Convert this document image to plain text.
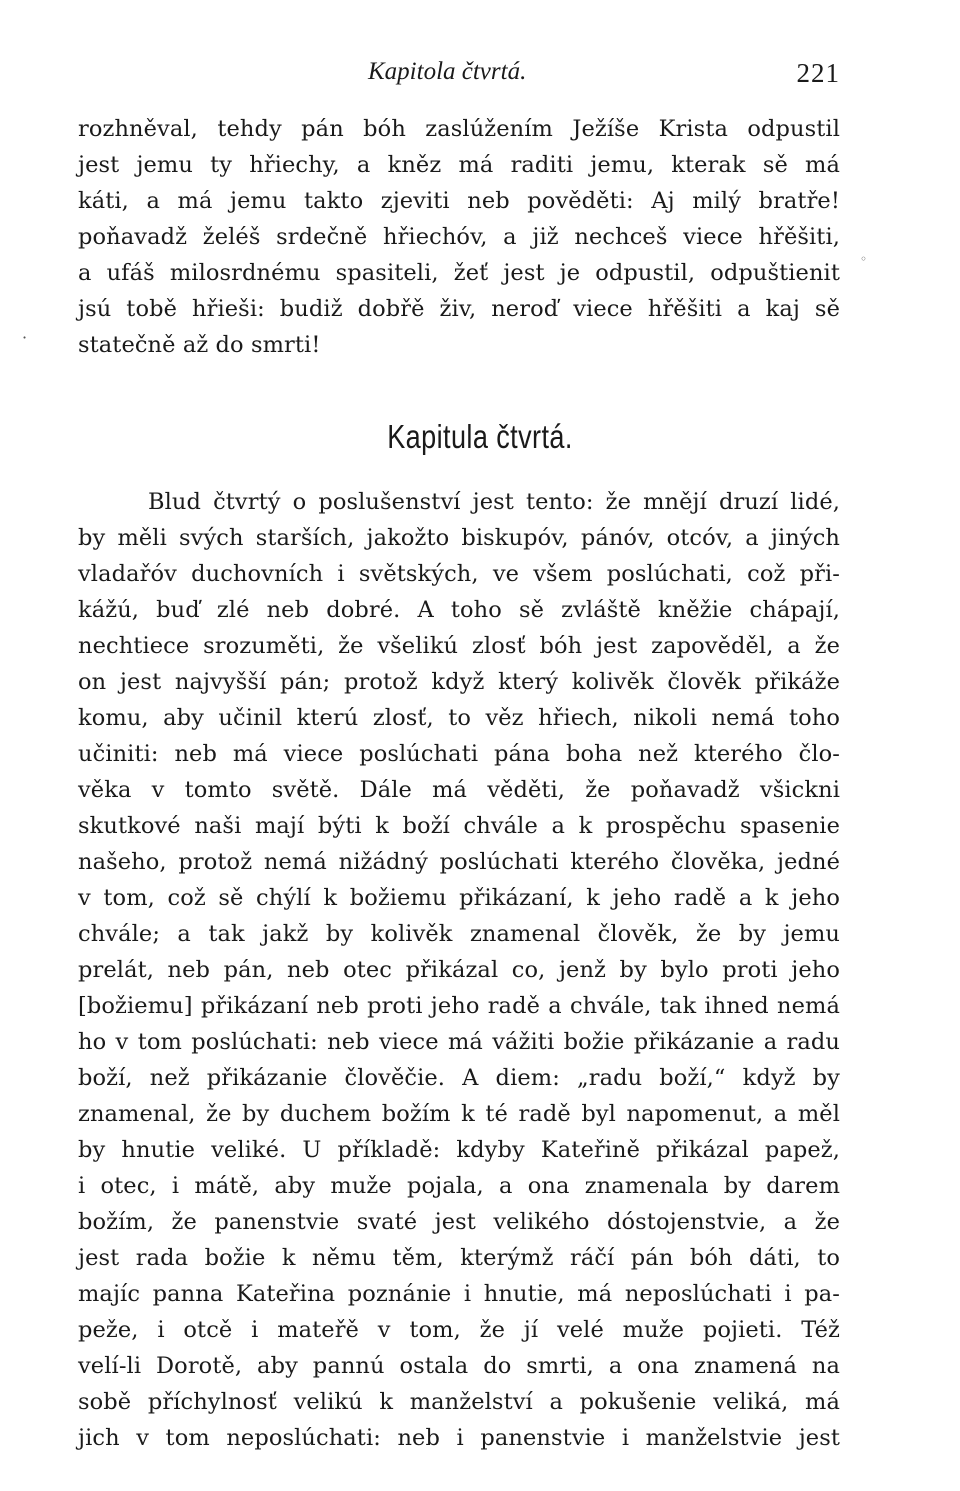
Kapitola čtvrtá.	221
rozhněval, tehdy pán bóh zaslúžením Ježíše Krista odpustil
jest jemu ty hřiechy, a kněz má raditi jemu, kterak sě má
káti, a má jemu takto zjeviti neb pověděti: Aj milý bratře!
poňavadž želéš srdečně hřiechóv, a již nechceš viece hřěšiti,
a ufáš milosrdnému spasiteli, žeť jest je odpustil, odpuštienit
jsú tobě hřieši: budiž dobřě živ, neroď viece hřěšiti a kaj sě
statečně až do smrti!
◦
·
Kapitula čtvrtá.
Blud čtvrtý o poslušenství jest tento: že mnějí druzí lidé,
by měli svých starších, jakožto biskupóv, pánóv, otcóv, a jiných
vladařóv duchovních i světských, ve všem poslúchati, což při-
kážú, buď zlé neb dobré. A toho sě zvláště kněžie chápají,
nechtiece srozuměti, že všelikú zlosť bóh jest zapověděl, a že
on jest najvyšší pán; protož když který kolivěk člověk přikáže
komu, aby učinil kterú zlosť, to věz hřiech, nikoli nemá toho
učiniti: neb má viece poslúchati pána boha než kterého člo-
věka v tomto světě. Dále má věděti, že poňavadž všickni
skutkové naši mají býti k boží chvále a k prospěchu spasenie
našeho, protož nemá nižádný poslúchati kterého člověka, jedné
v tom, což sě chýlí k božiemu přikázaní, k jeho radě a k jeho
chvále; a tak jakž by kolivěk znamenal člověk, že by jemu
prelát, neb pán, neb otec přikázal co, jenž by bylo proti jeho
[božiemu] přikázaní neb proti jeho radě a chvále, tak ihned nemá
ho v tom poslúchati: neb viece má vážiti božie přikázanie a radu
boží, než přikázanie člověčie. A diem: „radu boží,“ když by
znamenal, že by duchem božím k té radě byl napomenut, a měl
by hnutie veliké. U příkladě: kdyby Kateřině přikázal papež,
i otec, i mátě, aby muže pojala, a ona znamenala by darem
božím, že panenstvie svaté jest velikého dóstojenstvie, a že
jest rada božie k němu těm, kterýmž ráčí pán bóh dáti, to
majíc panna Kateřina poznánie i hnutie, má neposlúchati i pa-
peže, i otcě i mateřě v tom, že jí velé muže pojieti. Též
velí-li Dorotě, aby pannú ostala do smrti, a ona znamená na
sobě příchylnosť velikú k manželství a pokušenie veliká, má
jich v tom neposlúchati: neb i panenstvie i manželstvie jest
